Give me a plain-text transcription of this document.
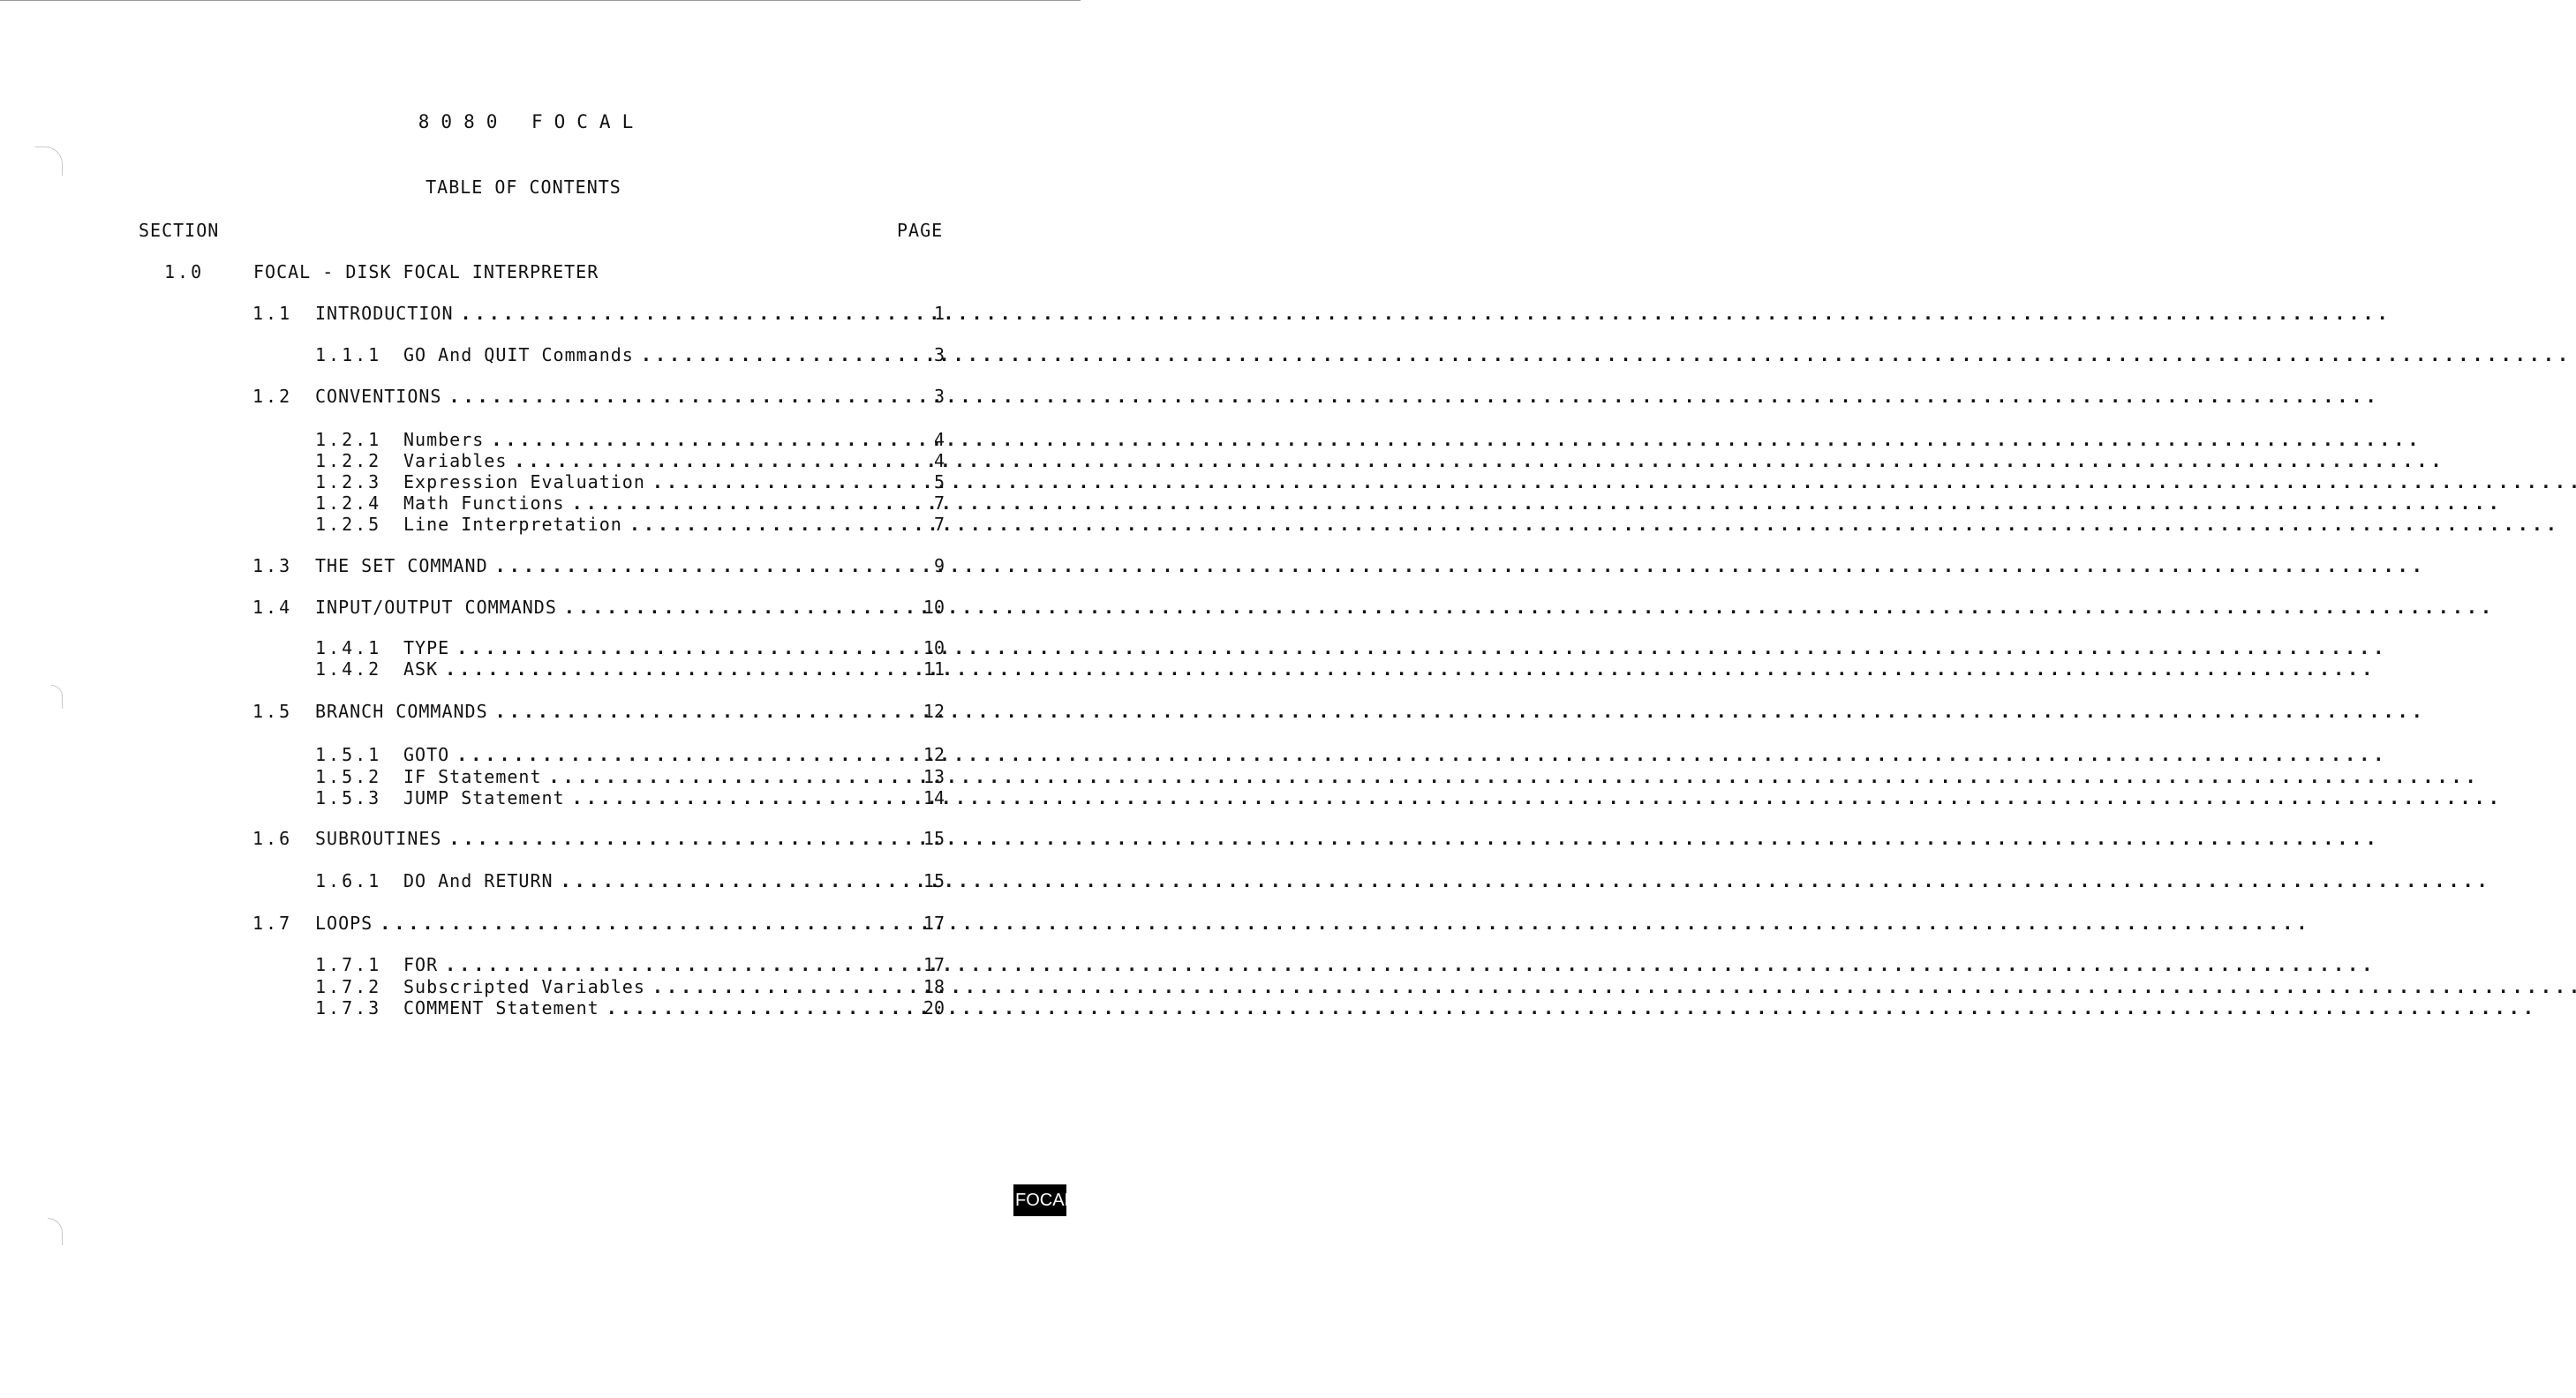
8080 FOCAL
TABLE OF CONTENTS
SECTION	PAGE
1.0	FOCAL - DISK FOCAL INTERPRETER
1.1 INTRODUCTION . . .	1
1.1.1 GO And QUIT Commands . . .	3
1.2 CONVENTIONS . . .	3
1.2.1 Numbers . . .	4
1.2.2 Variables . . .	4
1.2.3 Expression Evaluation . . .	5
1.2.4 Math Functions . . .	7
1.2.5 Line Interpretation . . .	7
1.3 THE SET COMMAND . . .	9
1.4 INPUT/OUTPUT COMMANDS . . .	10
1.4.1 TYPE . . .	10
1.4.2 ASK . . .	11
1.5 BRANCH COMMANDS . . .	12
1.5.1 GOTO . . .	12
1.5.2 IF Statement . . .	13
1.5.3 JUMP Statement . . .	14
1.6 SUBROUTINES . . .	15
1.6.1 DO And RETURN . . .	15
1.7 LOOPS . . .	17
1.7.1 FOR . . .	17
1.7.2 Subscripted Variables . . .	18
1.7.3 COMMENT Statement . . .	20
FOCAL
